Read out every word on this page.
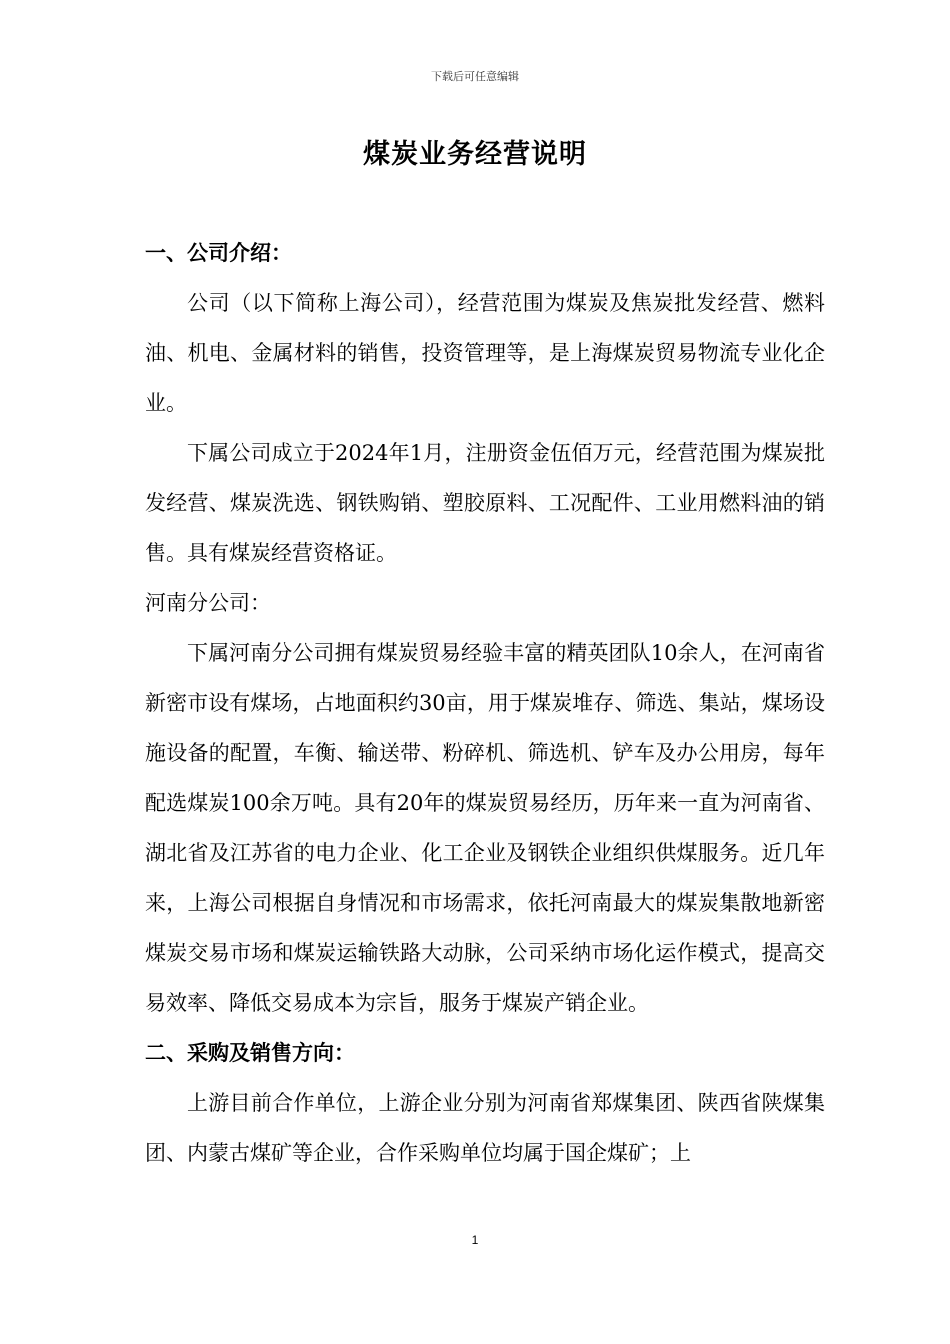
下载后可任意编辑
煤炭业务经营说明

一、公司介绍：

公司（以下简称上海公司），经营范围为煤炭及焦炭批发经营、燃料油、机电、金属材料的销售，投资管理等，是上海煤炭贸易物流专业化企业。

下属公司成立于2024年1月，注册资金伍佰万元，经营范围为煤炭批发经营、煤炭洗选、钢铁购销、塑胶原料、工况配件、工业用燃料油的销售。具有煤炭经营资格证。

河南分公司：

下属河南分公司拥有煤炭贸易经验丰富的精英团队10余人，在河南省新密市设有煤场，占地面积约30亩，用于煤炭堆存、筛选、集站，煤场设施设备的配置，车衡、输送带、粉碎机、筛选机、铲车及办公用房，每年配选煤炭100余万吨。具有20年的煤炭贸易经历，历年来一直为河南省、湖北省及江苏省的电力企业、化工企业及钢铁企业组织供煤服务。近几年来，上海公司根据自身情况和市场需求，依托河南最大的煤炭集散地新密煤炭交易市场和煤炭运输铁路大动脉，公司采纳市场化运作模式，提高交易效率、降低交易成本为宗旨，服务于煤炭产销企业。

二、采购及销售方向：

上游目前合作单位，上游企业分别为河南省郑煤集团、陕西省陕煤集团、内蒙古煤矿等企业，合作采购单位均属于国企煤矿；上

1
